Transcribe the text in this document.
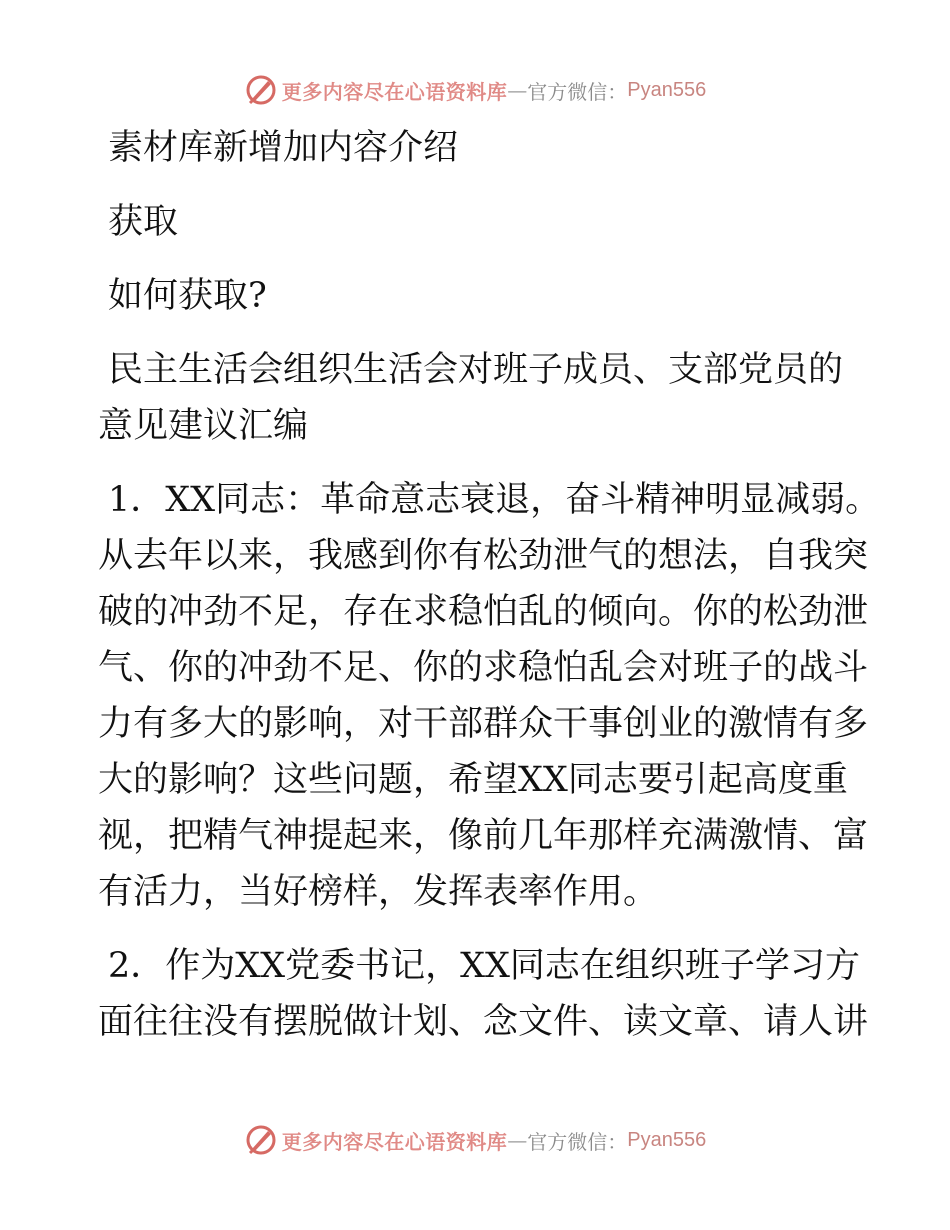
更多内容尽在心语资料库 — 官方微信： Pyan556

素材库新增加内容介绍

获取

如何获取?

民主生活会组织生活会对班子成员、支部党员的

意见建议汇编

1．XX同志：革命意志衰退，奋斗精神明显减弱。

从去年以来，我感到你有松劲泄气的想法，自我突

破的冲劲不足，存在求稳怕乱的倾向。你的松劲泄

气、你的冲劲不足、你的求稳怕乱会对班子的战斗

力有多大的影响，对干部群众干事创业的激情有多

大的影响？这些问题，希望XX同志要引起高度重

视，把精气神提起来，像前几年那样充满激情、富

有活力，当好榜样，发挥表率作用。

2．作为XX党委书记，XX同志在组织班子学习方

面往往没有摆脱做计划、念文件、读文章、请人讲

更多内容尽在心语资料库 — 官方微信： Pyan556
